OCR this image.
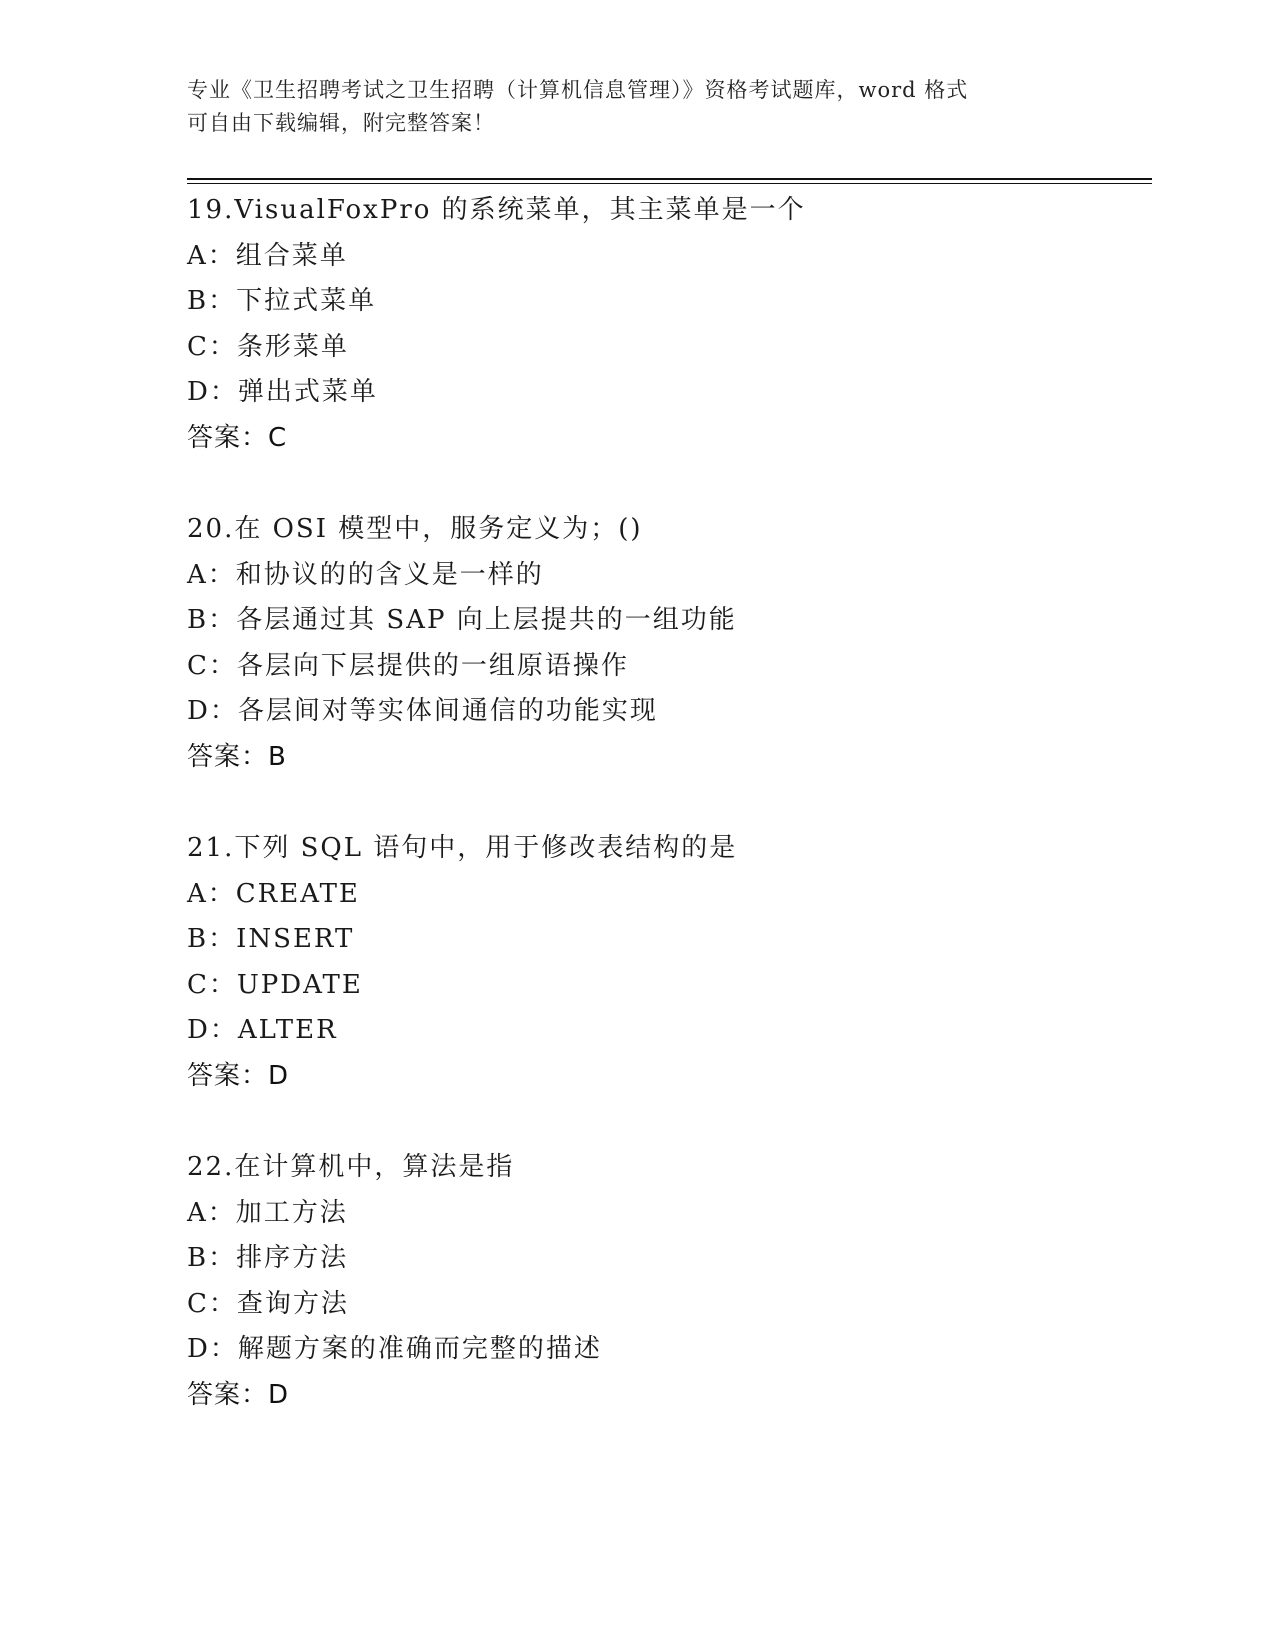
专业《卫生招聘考试之卫生招聘（计算机信息管理）》资格考试题库，word 格式
可自由下载编辑，附完整答案！
19.VisualFoxPro 的系统菜单，其主菜单是一个
A：组合菜单
B：下拉式菜单
C：条形菜单
D：弹出式菜单
答案：C
20.在 OSI 模型中，服务定义为；()
A：和协议的的含义是一样的
B：各层通过其 SAP 向上层提共的一组功能
C：各层向下层提供的一组原语操作
D：各层间对等实体间通信的功能实现
答案：B
21.下列 SQL 语句中，用于修改表结构的是
A：CREATE
B：INSERT
C：UPDATE
D：ALTER
答案：D
22.在计算机中，算法是指
A：加工方法
B：排序方法
C：查询方法
D：解题方案的准确而完整的描述
答案：D
